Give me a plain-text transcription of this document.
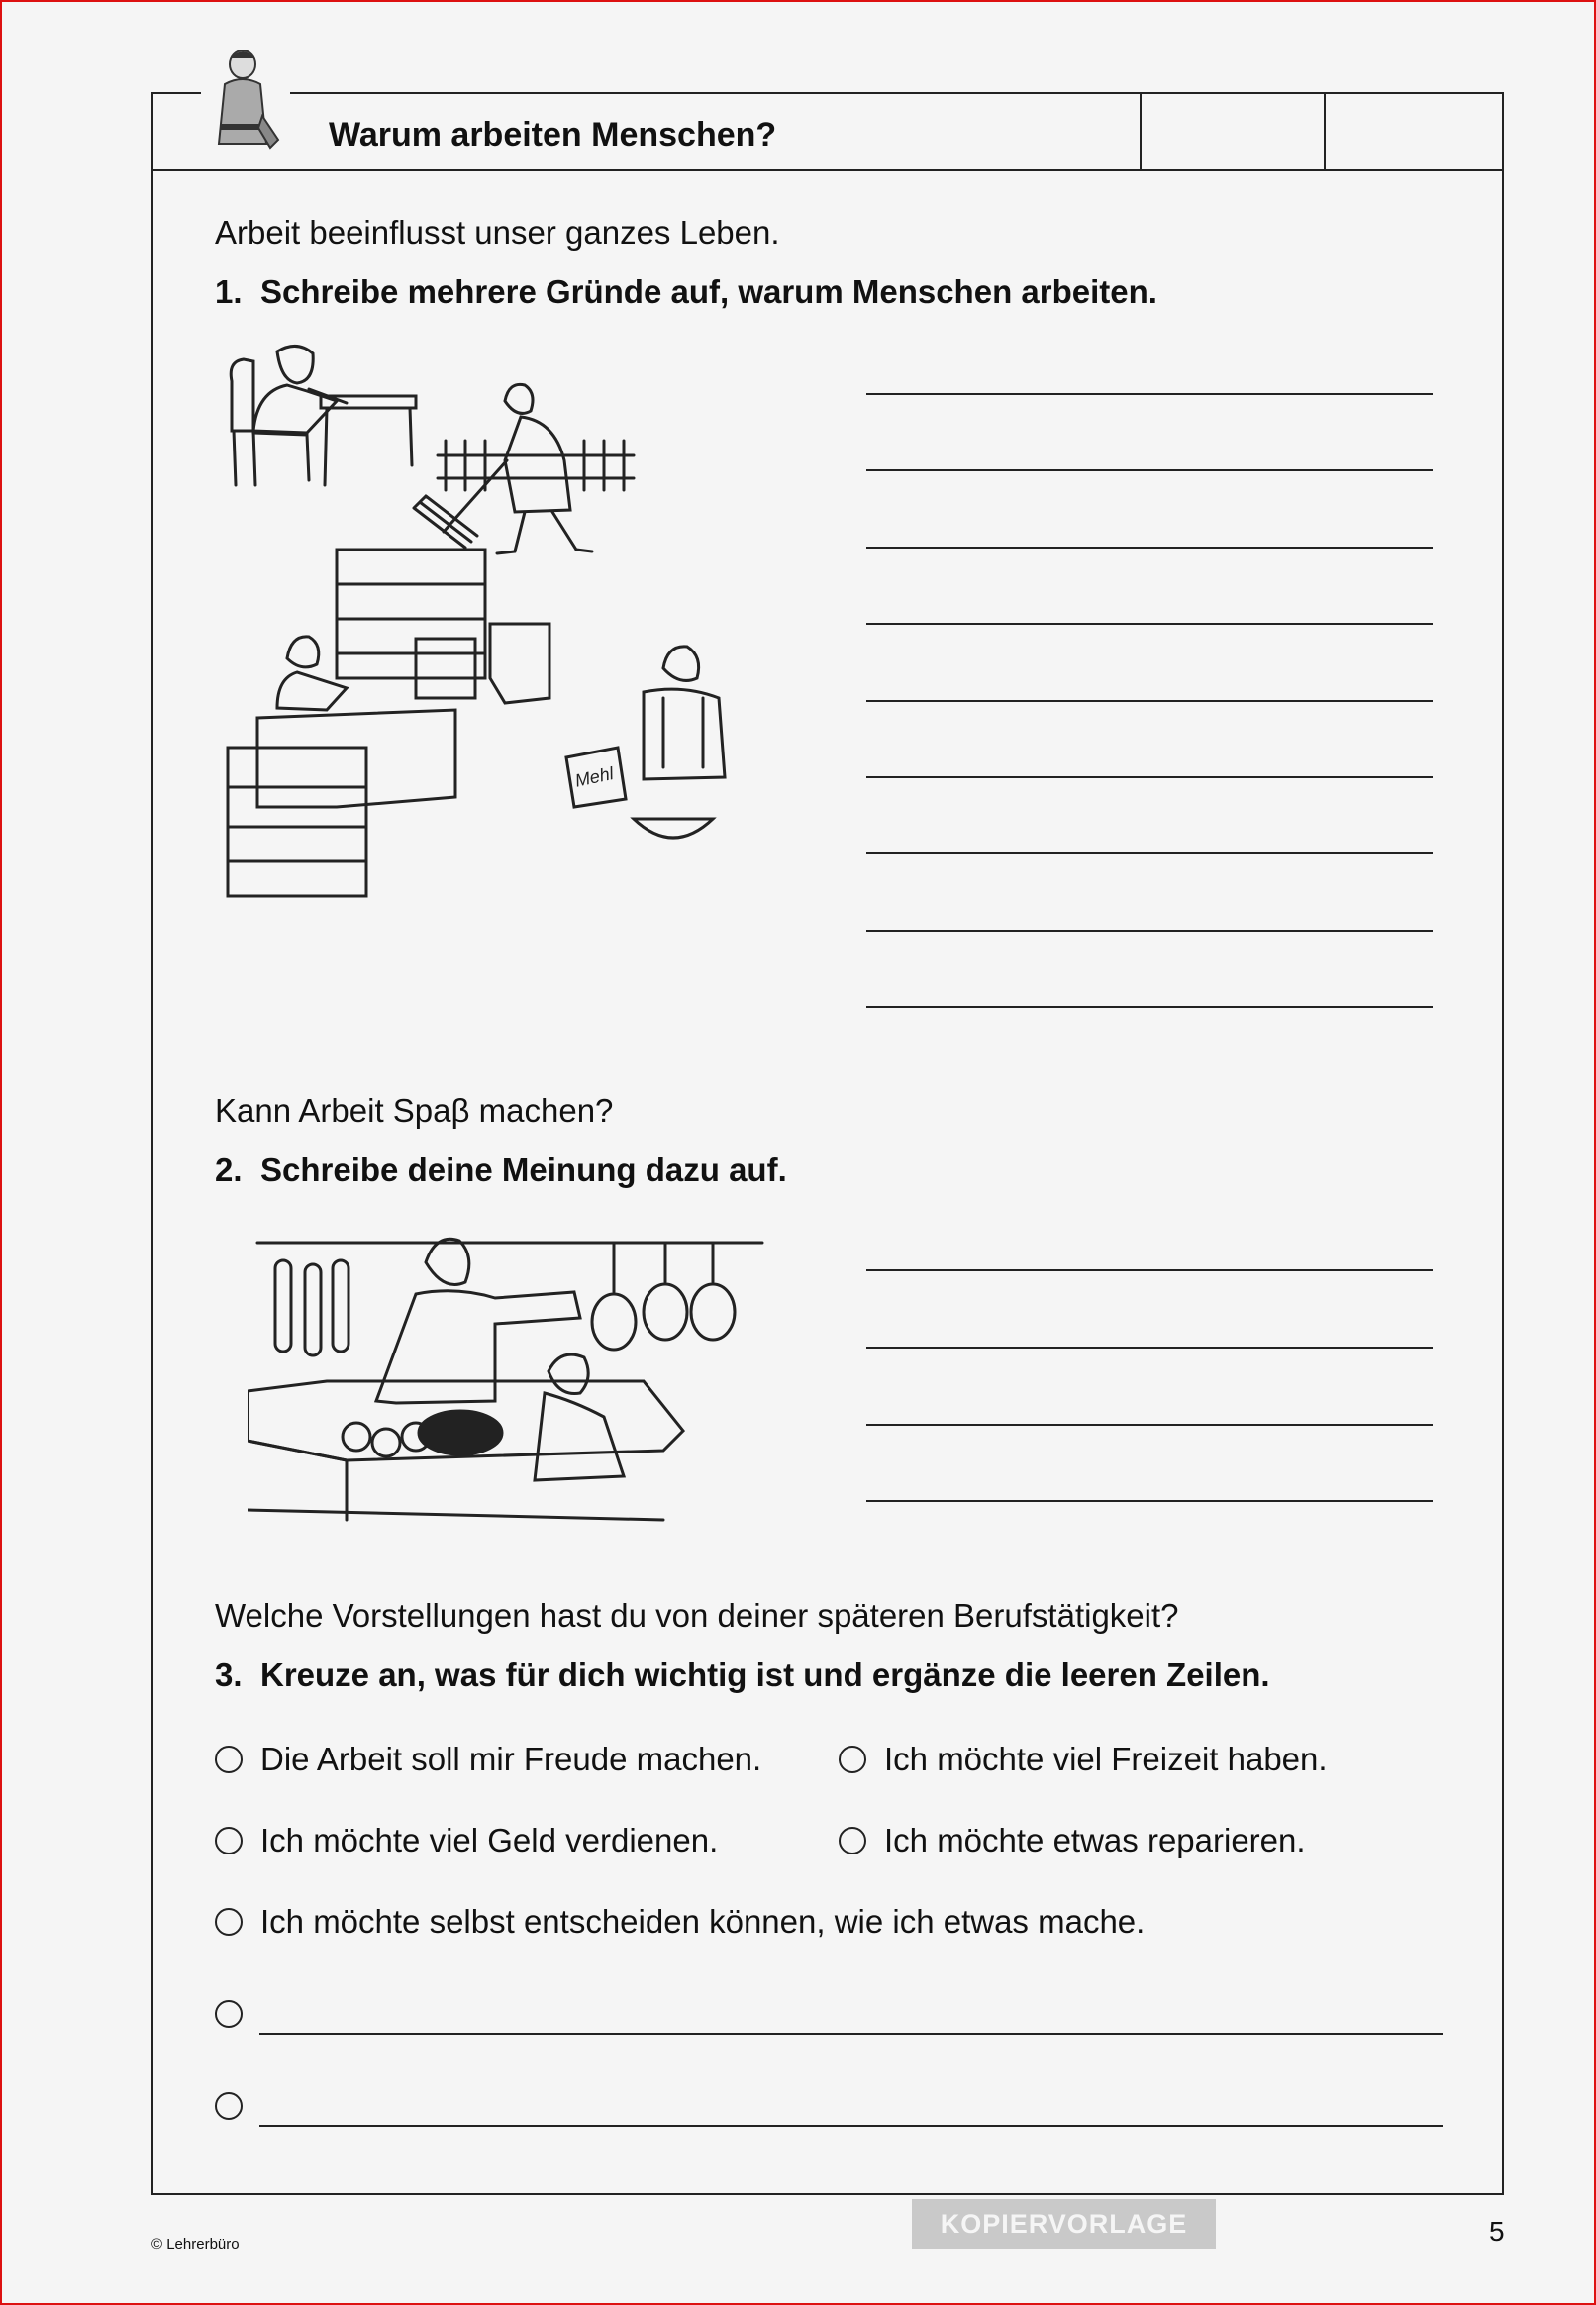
Warum arbeiten Menschen?
Arbeit beeinflusst unser ganzes Leben.
1. Schreibe mehrere Gründe auf, warum Menschen arbeiten.
Mehl
Kann Arbeit Spaβ machen?
2. Schreibe deine Meinung dazu auf.
Welche Vorstellungen hast du von deiner späteren Berufstätigkeit?
3. Kreuze an, was für dich wichtig ist und ergänze die leeren Zeilen.
Die Arbeit soll mir Freude machen.	Ich möchte viel Freizeit haben.
Ich möchte viel Geld verdienen.	Ich möchte etwas reparieren.
Ich möchte selbst entscheiden können, wie ich etwas mache.
© Lehrerbüro
KOPIERVORLAGE	5
